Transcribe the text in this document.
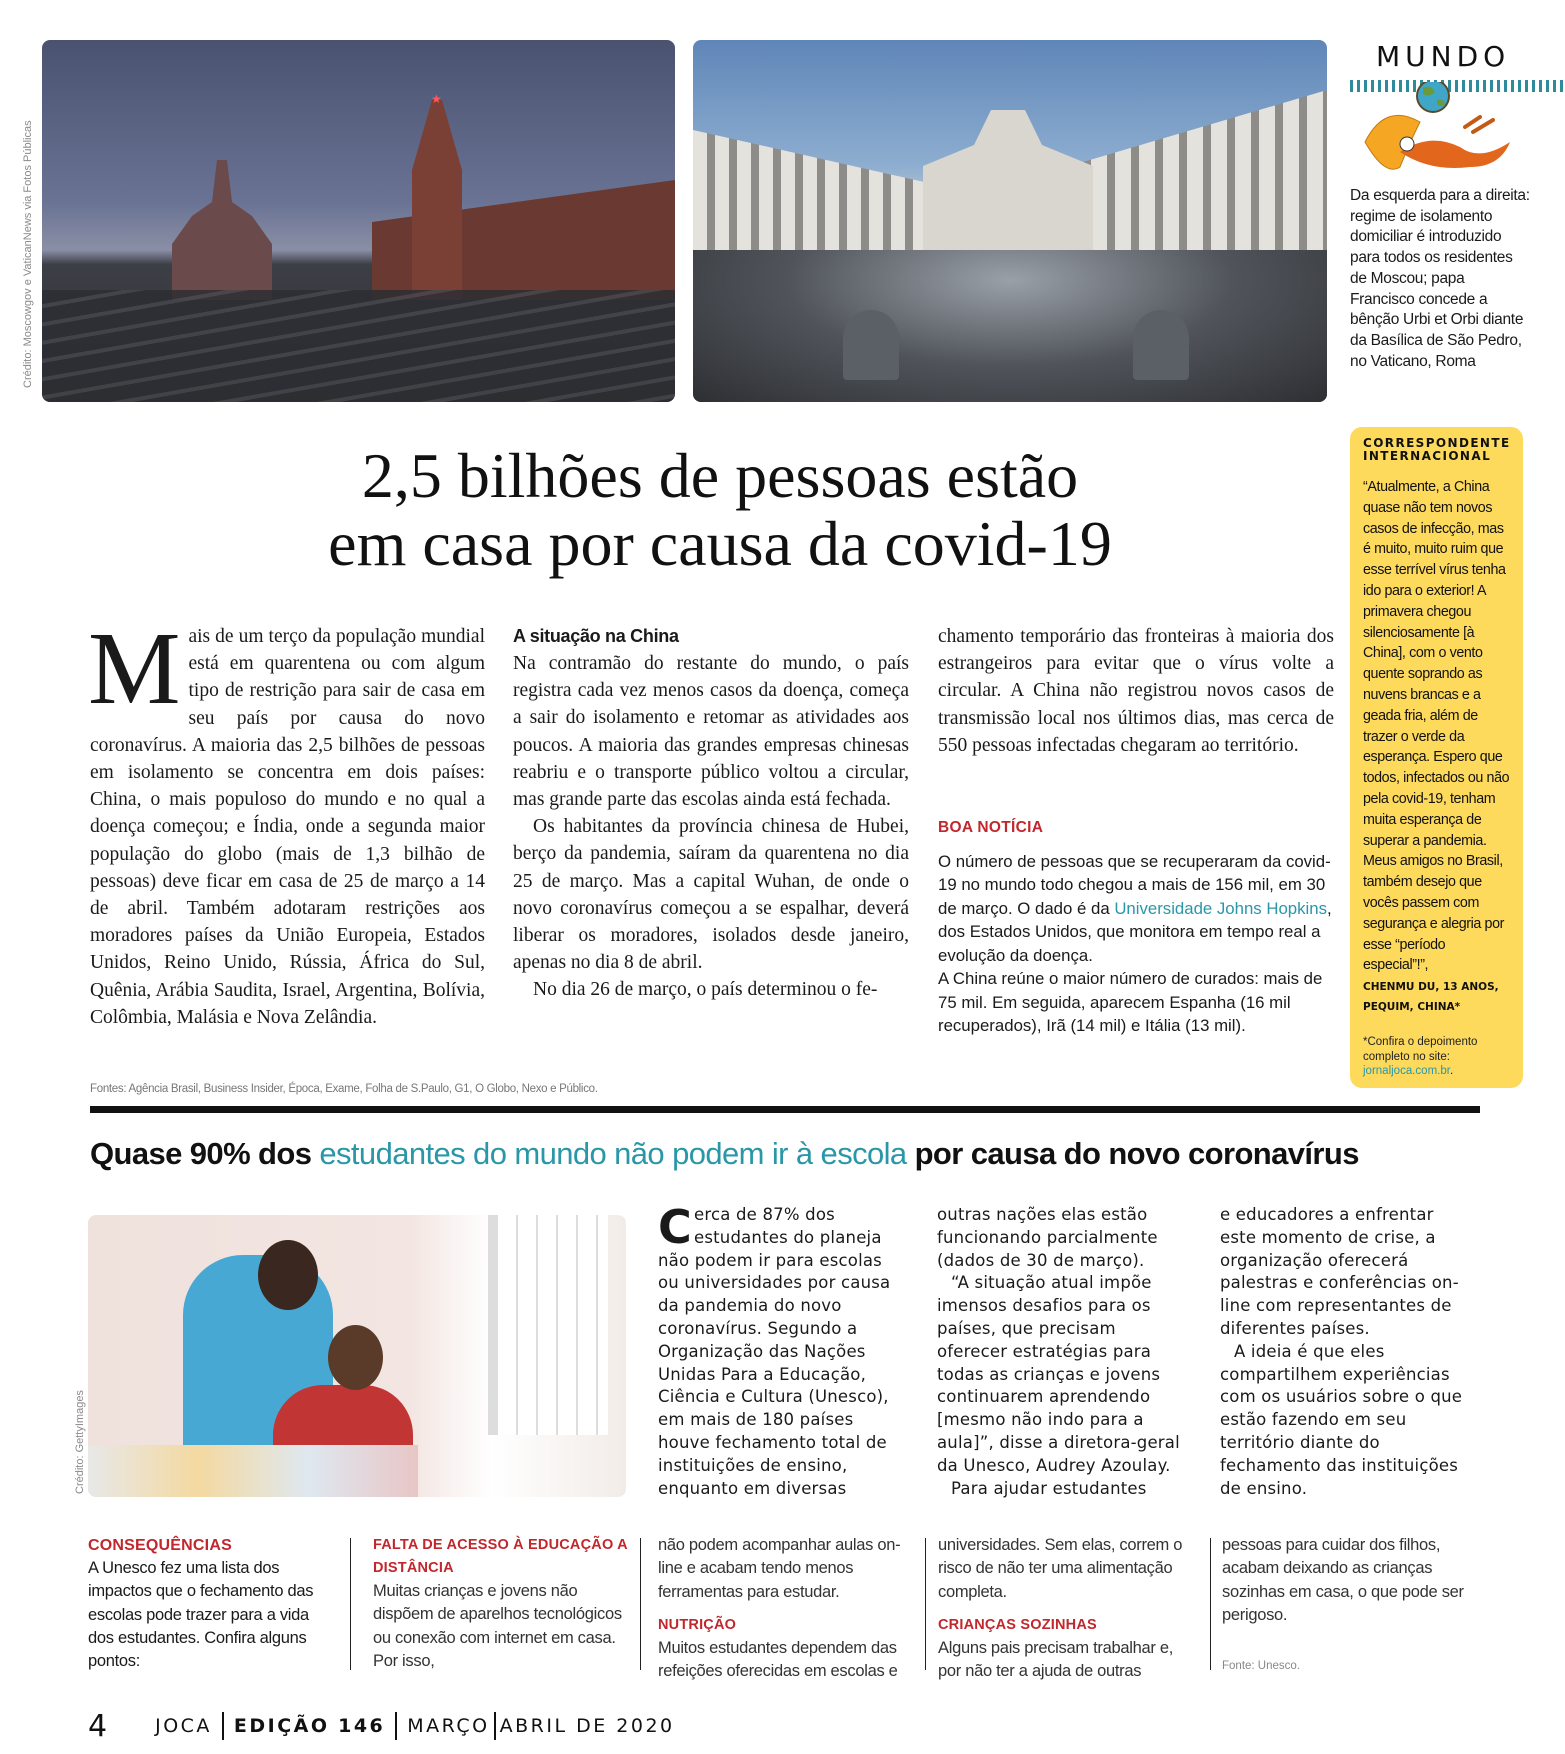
Crédito: Moscowgov e VaticanNews via Fotos Públicas
★
MUNDO
Da esquerda para a direita: regime de isolamento domiciliar é introduzido para todos os residentes de Moscou; papa Francisco concede a bênção Urbi et Orbi diante da Basílica de São Pedro, no Vaticano, Roma
2,5 bilhões de pessoas estão
em casa por causa da covid-19
M ais de um terço da população mundial está em quarentena ou com algum tipo de restrição para sair de casa em seu país por causa do novo coronavírus. A maioria das 2,5 bilhões de pessoas em isolamento se concentra em dois países: China, o mais populoso do mundo e no qual a doença começou; e Índia, onde a segunda maior população do globo (mais de 1,3 bilhão de pessoas) deve ficar em casa de 25 de março a 14 de abril. Também adotaram restrições aos moradores países da União Europeia, Estados Unidos, Reino Unido, Rússia, África do Sul, Quênia, Arábia Saudita, Israel, Argentina, Bolívia, Colômbia, Malásia e Nova Zelândia.

A situação na China

Na contramão do restante do mundo, o país registra cada vez menos casos da doença, começa a sair do isolamento e retomar as atividades aos poucos. A maioria das grandes empresas chinesas reabriu e o transporte público voltou a circular, mas grande parte das escolas ainda está fechada.

Os habitantes da província chinesa de Hubei, berço da pandemia, saíram da quarentena no dia 25 de março. Mas a capital Wuhan, de onde o novo coronavírus começou a se espalhar, deverá liberar os moradores, isolados desde janeiro, apenas no dia 8 de abril.

No dia 26 de março, o país determinou o fe-

chamento temporário das fronteiras à maioria dos estrangeiros para evitar que o vírus volte a circular. A China não registrou novos casos de transmissão local nos últimos dias, mas cerca de 550 pessoas infectadas chegaram ao território.

BOA NOTÍCIA

O número de pessoas que se recuperaram da covid-19 no mundo todo chegou a mais de 156 mil, em 30 de março. O dado é da Universidade Johns Hopkins, dos Estados Unidos, que monitora em tempo real a evolução da doença.

A China reúne o maior número de curados: mais de 75 mil. Em seguida, aparecem Espanha (16 mil recuperados), Irã (14 mil) e Itália (13 mil).

CORRESPONDENTE INTERNACIONAL
“Atualmente, a China quase não tem novos casos de infecção, mas é muito, muito ruim que esse terrível vírus tenha ido para o exterior! A primavera chegou silenciosamente [à China], com o vento quente soprando as nuvens brancas e a geada fria, além de trazer o verde da esperança. Espero que todos, infectados ou não pela covid-19, tenham muita esperança de superar a pandemia. Meus amigos no Brasil, também desejo que vocês passem com segurança e alegria por esse “período especial”!”,
CHENMU DU, 13 ANOS, PEQUIM, CHINA*
*Confira o depoimento completo no site: jornaljoca.com.br.
Fontes: Agência Brasil, Business Insider, Época, Exame, Folha de S.Paulo, G1, O Globo, Nexo e Público.
Quase 90% dos estudantes do mundo não podem ir à escola por causa do novo coronavírus
Crédito: GettyImages
C erca de 87% dos estudantes do planeja não podem ir para escolas ou universidades por causa da pandemia do novo coronavírus. Segundo a Organização das Nações Unidas Para a Educação, Ciência e Cultura (Unesco), em mais de 180 países houve fechamento total de instituições de ensino, enquanto em diversas

outras nações elas estão funcionando parcialmente (dados de 30 de março).

“A situação atual impõe imensos desafios para os países, que precisam oferecer estratégias para todas as crianças e jovens continuarem aprendendo [mesmo não indo para a aula]”, disse a diretora-geral da Unesco, Audrey Azoulay.

Para ajudar estudantes

e educadores a enfrentar este momento de crise, a organização oferecerá palestras e conferências on-line com representantes de diferentes países.

A ideia é que eles compartilhem experiências com os usuários sobre o que estão fazendo em seu território diante do fechamento das instituições de ensino.

CONSEQUÊNCIAS

A Unesco fez uma lista dos impactos que o fechamento das escolas pode trazer para a vida dos estudantes. Confira alguns pontos:

FALTA DE ACESSO À EDUCAÇÃO A DISTÂNCIA

Muitas crianças e jovens não dispõem de aparelhos tecnológicos ou conexão com internet em casa. Por isso,

não podem acompanhar aulas on-line e acabam tendo menos ferramentas para estudar.

NUTRIÇÃO

Muitos estudantes dependem das refeições oferecidas em escolas e

universidades. Sem elas, correm o risco de não ter uma alimentação completa.

CRIANÇAS SOZINHAS

Alguns pais precisam trabalhar e, por não ter a ajuda de outras

pessoas para cuidar dos filhos, acabam deixando as crianças sozinhas em casa, o que pode ser perigoso.

Fonte: Unesco.
4	JOCA EDIÇÃO 146 MARÇO ABRIL DE 2020
